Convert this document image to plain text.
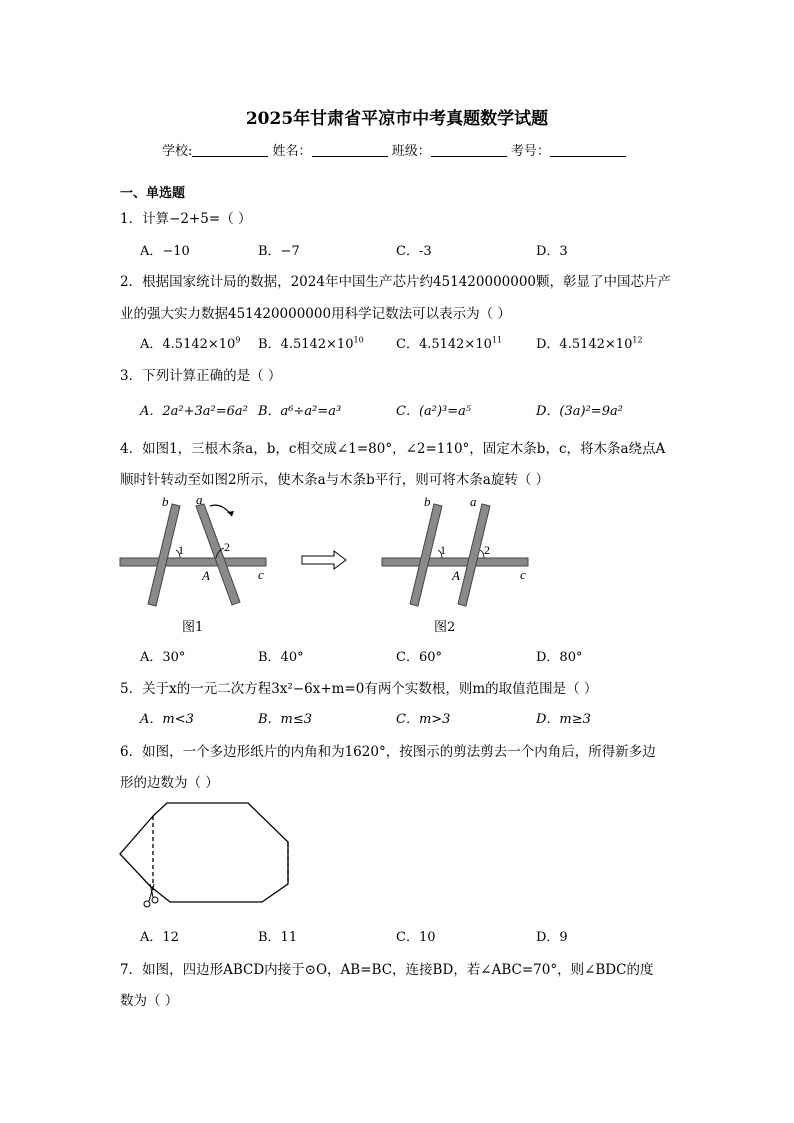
2025年甘肃省平凉市中考真题数学试题
学校:	姓名：	班级：	考号：
一、单选题
1．计算−2+5=（ ）
A．−10	B．−7	C．-3	D．3
2．根据国家统计局的数据，2024年中国生产芯片约451420000000颗，彰显了中国芯片产
业的强大实力数据451420000000用科学记数法可以表示为（ ）
A．$4.5142\times 10^9$ B．$4.5142\times 10^{10}$ C．$4.5142\times 10^{11}$	D．$4.5142\times 10^{12}$
3．下列计算正确的是（ ）
A．2a²+3a²=6a² B．a⁶÷a²=a³	C．(a²)³=a⁵	D．(3a)²=9a²
4．如图1，三根木条a，b，c相交成∠1=80°，∠2=110°，固定木条b，c，将木条a绕点A
顺时针转动至如图2所示，使木条a与木条b平行，则可将木条a旋转（ ）
b a
1	2
A	c
图1
b	a
1	2
A	c
图2
A．30°	B．40°	C．60°	D．80°
5．关于x的一元二次方程3x²−6x+m=0有两个实数根，则m的取值范围是（ ）
A．m<3	B．m≤3	C．m>3	D．m≥3
6．如图，一个多边形纸片的内角和为1620°，按图示的剪法剪去一个内角后，所得新多边
形的边数为（ ）
A．12	B．11	C．10	D．9
7．如图，四边形ABCD内接于⊙O，AB=BC，连接BD，若∠ABC=70°，则∠BDC的度
数为（ ）
